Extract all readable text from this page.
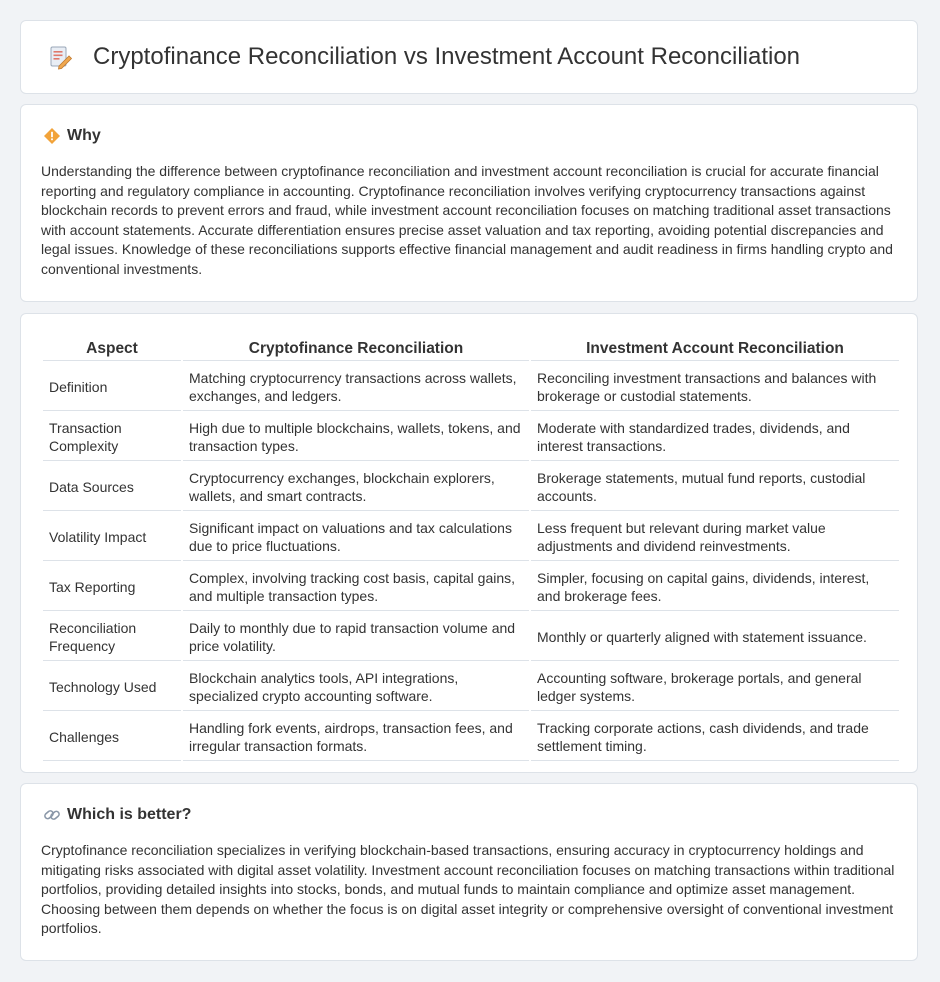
Cryptofinance Reconciliation vs Investment Account Reconciliation
Why

Understanding the difference between cryptofinance reconciliation and investment account reconciliation is crucial for accurate financial reporting and regulatory compliance in accounting. Cryptofinance reconciliation involves verifying cryptocurrency transactions against blockchain records to prevent errors and fraud, while investment account reconciliation focuses on matching traditional asset transactions with account statements. Accurate differentiation ensures precise asset valuation and tax reporting, avoiding potential discrepancies and legal issues. Knowledge of these reconciliations supports effective financial management and audit readiness in firms handling crypto and conventional investments.

Aspect	Cryptofinance Reconciliation	Investment Account Reconciliation
Definition	Matching cryptocurrency transactions across wallets, exchanges, and ledgers.	Reconciling investment transactions and balances with brokerage or custodial statements.
Transaction Complexity	High due to multiple blockchains, wallets, tokens, and transaction types.	Moderate with standardized trades, dividends, and interest transactions.
Data Sources	Cryptocurrency exchanges, blockchain explorers, wallets, and smart contracts.	Brokerage statements, mutual fund reports, custodial accounts.
Volatility Impact	Significant impact on valuations and tax calculations due to price fluctuations.	Less frequent but relevant during market value adjustments and dividend reinvestments.
Tax Reporting	Complex, involving tracking cost basis, capital gains, and multiple transaction types.	Simpler, focusing on capital gains, dividends, interest, and brokerage fees.
Reconciliation Frequency	Daily to monthly due to rapid transaction volume and price volatility.	Monthly or quarterly aligned with statement issuance.
Technology Used	Blockchain analytics tools, API integrations, specialized crypto accounting software.	Accounting software, brokerage portals, and general ledger systems.
Challenges	Handling fork events, airdrops, transaction fees, and irregular transaction formats.	Tracking corporate actions, cash dividends, and trade settlement timing.
Which is better?

Cryptofinance reconciliation specializes in verifying blockchain-based transactions, ensuring accuracy in cryptocurrency holdings and mitigating risks associated with digital asset volatility. Investment account reconciliation focuses on matching transactions within traditional portfolios, providing detailed insights into stocks, bonds, and mutual funds to maintain compliance and optimize asset management. Choosing between them depends on whether the focus is on digital asset integrity or comprehensive oversight of conventional investment portfolios.
